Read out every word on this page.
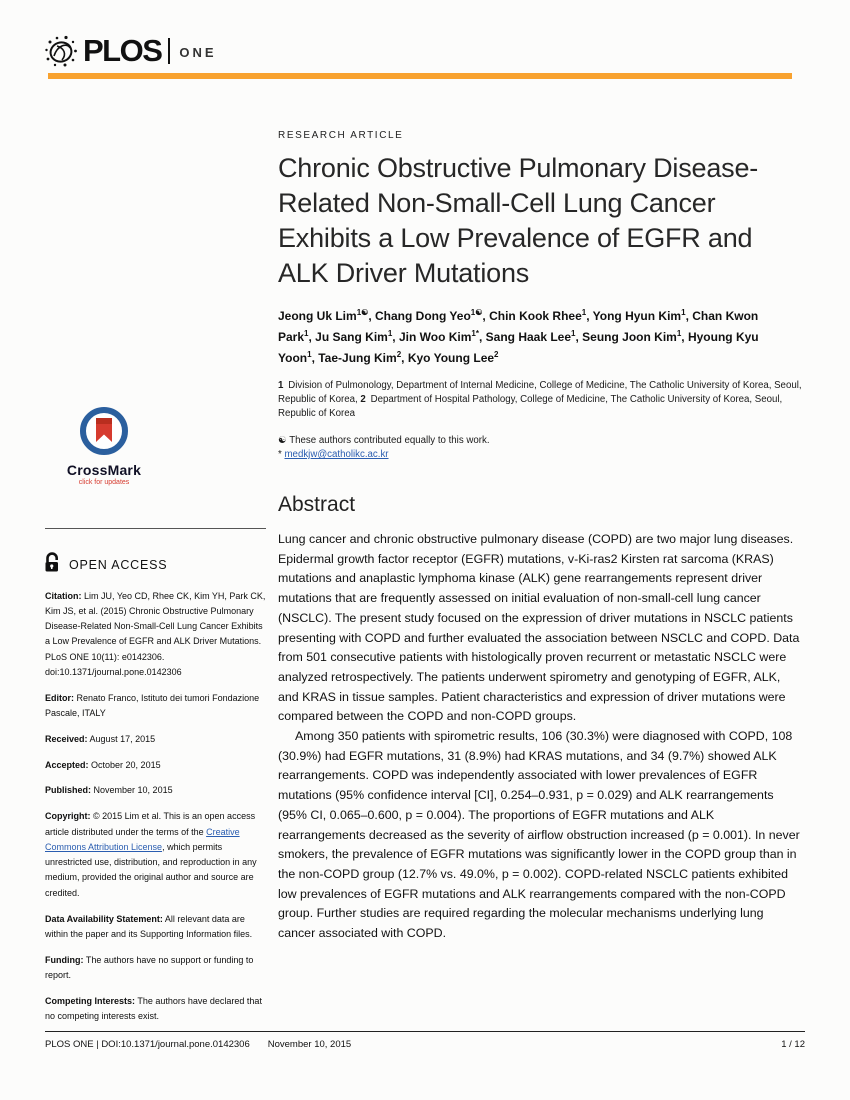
PLOS ONE
CrossMark
click for updates
OPEN ACCESS

Citation: Lim JU, Yeo CD, Rhee CK, Kim YH, Park CK, Kim JS, et al. (2015) Chronic Obstructive Pulmonary Disease-Related Non-Small-Cell Lung Cancer Exhibits a Low Prevalence of EGFR and ALK Driver Mutations. PLoS ONE 10(11): e0142306. doi:10.1371/journal.pone.0142306

Editor: Renato Franco, Istituto dei tumori Fondazione Pascale, ITALY

Received: August 17, 2015

Accepted: October 20, 2015

Published: November 10, 2015

Copyright: © 2015 Lim et al. This is an open access article distributed under the terms of the Creative Commons Attribution License, which permits unrestricted use, distribution, and reproduction in any medium, provided the original author and source are credited.

Data Availability Statement: All relevant data are within the paper and its Supporting Information files.

Funding: The authors have no support or funding to report.

Competing Interests: The authors have declared that no competing interests exist.

RESEARCH ARTICLE
Chronic Obstructive Pulmonary Disease-Related Non-Small-Cell Lung Cancer Exhibits a Low Prevalence of EGFR and ALK Driver Mutations
Jeong Uk Lim$^{1☯}$, Chang Dong Yeo$^{1☯}$, Chin Kook Rhee$^1$, Yong Hyun Kim$^1$, Chan Kwon Park$^1$, Ju Sang Kim$^1$, Jin Woo Kim$^{1*}$, Sang Haak Lee$^1$, Seung Joon Kim$^1$, Hyoung Kyu Yoon$^1$, Tae-Jung Kim$^2$, Kyo Young Lee$^2$
1 Division of Pulmonology, Department of Internal Medicine, College of Medicine, The Catholic University of Korea, Seoul, Republic of Korea, 2 Department of Hospital Pathology, College of Medicine, The Catholic University of Korea, Seoul, Republic of Korea
☯ These authors contributed equally to this work.
* medkjw@catholikc.ac.kr
Abstract

Lung cancer and chronic obstructive pulmonary disease (COPD) are two major lung diseases. Epidermal growth factor receptor (EGFR) mutations, v-Ki-ras2 Kirsten rat sarcoma (KRAS) mutations and anaplastic lymphoma kinase (ALK) gene rearrangements represent driver mutations that are frequently assessed on initial evaluation of non-small-cell lung cancer (NSCLC). The present study focused on the expression of driver mutations in NSCLC patients presenting with COPD and further evaluated the association between NSCLC and COPD. Data from 501 consecutive patients with histologically proven recurrent or metastatic NSCLC were analyzed retrospectively. The patients underwent spirometry and genotyping of EGFR, ALK, and KRAS in tissue samples. Patient characteristics and expression of driver mutations were compared between the COPD and non-COPD groups.

Among 350 patients with spirometric results, 106 (30.3%) were diagnosed with COPD, 108 (30.9%) had EGFR mutations, 31 (8.9%) had KRAS mutations, and 34 (9.7%) showed ALK rearrangements. COPD was independently associated with lower prevalences of EGFR mutations (95% confidence interval [CI], 0.254–0.931, p = 0.029) and ALK rearrangements (95% CI, 0.065–0.600, p = 0.004). The proportions of EGFR mutations and ALK rearrangements decreased as the severity of airflow obstruction increased (p = 0.001). In never smokers, the prevalence of EGFR mutations was significantly lower in the COPD group than in the non-COPD group (12.7% vs. 49.0%, p = 0.002). COPD-related NSCLC patients exhibited low prevalences of EGFR mutations and ALK rearrangements compared with the non-COPD group. Further studies are required regarding the molecular mechanisms underlying lung cancer associated with COPD.

PLOS ONE | DOI:10.1371/journal.pone.0142306 November 10, 2015	1 / 12
